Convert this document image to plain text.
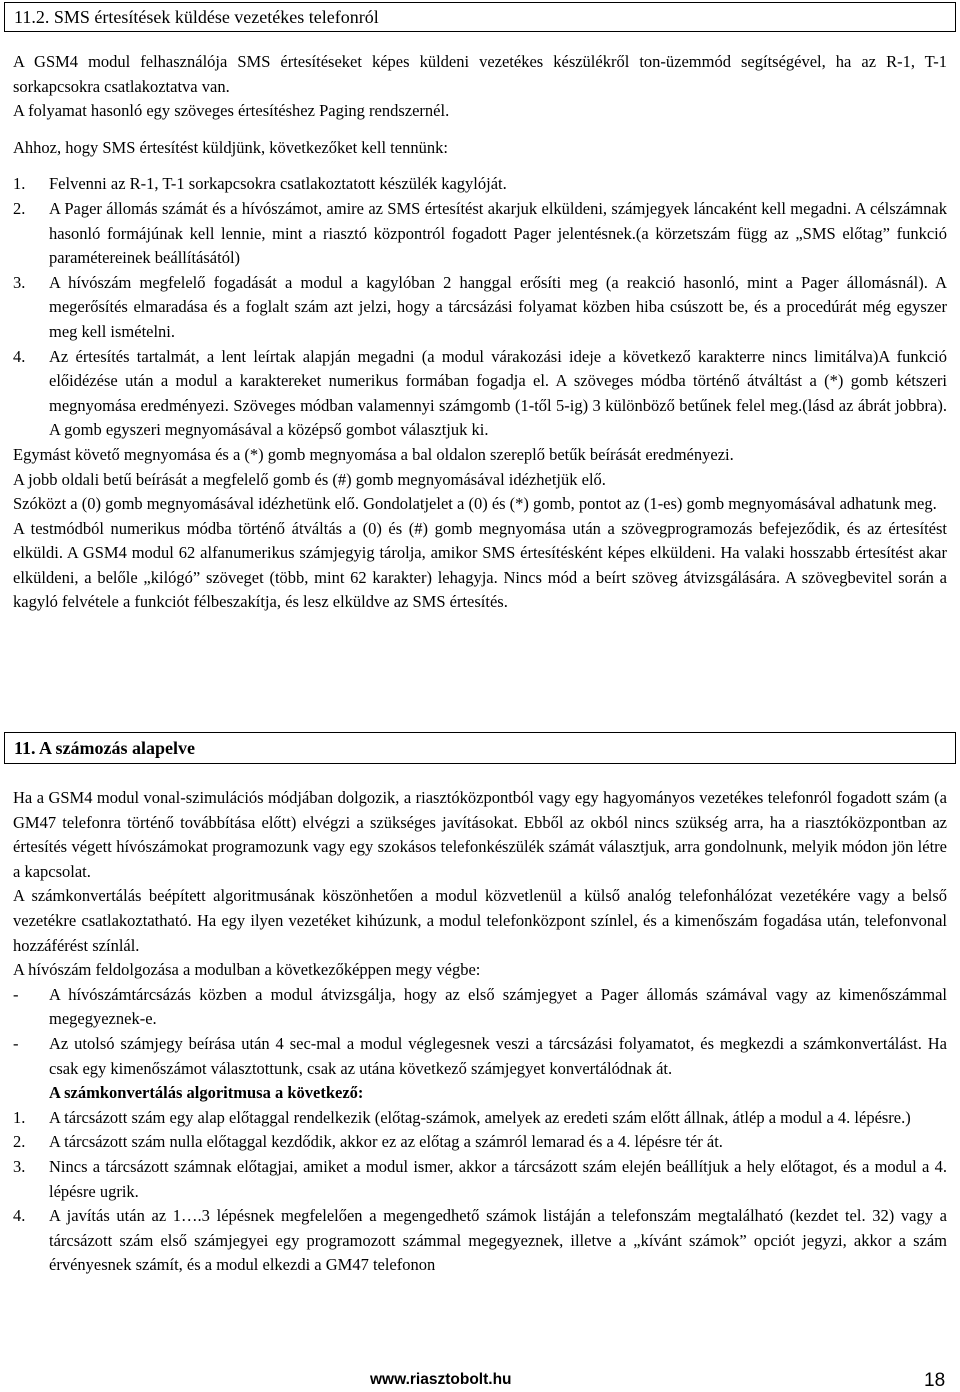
11.2. SMS értesítések küldése vezetékes telefonról

A GSM4 modul felhasználója SMS értesítéseket képes küldeni vezetékes készülékről ton-üzemmód segítségével, ha az R-1, T-1 sorkapcsokra csatlakoztatva van.

A folyamat hasonló egy szöveges értesítéshez Paging rendszernél.

Ahhoz, hogy SMS értesítést küldjünk, következőket kell tennünk:

1.	Felvenni az R-1, T-1 sorkapcsokra csatlakoztatott készülék kagylóját.
2.	A Pager állomás számát és a hívószámot, amire az SMS értesítést akarjuk elküldeni, számjegyek láncaként kell megadni. A célszámnak hasonló formájúnak kell lennie, mint a riasztó központról fogadott Pager jelentésnek.(a körzetszám függ az „SMS előtag” funkció paramétereinek beállításától)
3.	A hívószám megfelelő fogadását a modul a kagylóban 2 hanggal erősíti meg (a reakció hasonló, mint a Pager állomásnál). A megerősítés elmaradása és a foglalt szám azt jelzi, hogy a tárcsázási folyamat közben hiba csúszott be, és a procedúrát még egyszer meg kell ismételni.
4.	Az értesítés tartalmát, a lent leírtak alapján megadni (a modul várakozási ideje a következő karakterre nincs limitálva)A funkció előidézése után a modul a karaktereket numerikus formában fogadja el. A szöveges módba történő átváltást a (*) gomb kétszeri megnyomása eredményezi. Szöveges módban valamennyi számgomb (1-től 5-ig) 3 különböző betűnek felel meg.(lásd az ábrát jobbra). A gomb egyszeri megnyomásával a középső gombot választjuk ki.

Egymást követő megnyomása és a (*) gomb megnyomása a bal oldalon szereplő betűk beírását eredményezi.

A jobb oldali betű beírását a megfelelő gomb és (#) gomb megnyomásával idézhetjük elő.

Szóközt a (0) gomb megnyomásával idézhetünk elő. Gondolatjelet a (0) és (*) gomb, pontot az (1-es) gomb megnyomásával adhatunk meg.

A testmódból numerikus módba történő átváltás a (0) és (#) gomb megnyomása után a szövegprogramozás befejeződik, és az értesítést elküldi. A GSM4 modul 62 alfanumerikus számjegyig tárolja, amikor SMS értesítésként képes elküldeni. Ha valaki hosszabb értesítést akar elküldeni, a belőle „kilógó” szöveget (több, mint 62 karakter) lehagyja. Nincs mód a beírt szöveg átvizsgálására. A szövegbevitel során a kagyló felvétele a funkciót félbeszakítja, és lesz elküldve az SMS értesítés.

11. A számozás alapelve

Ha a GSM4 modul vonal-szimulációs módjában dolgozik, a riasztóközpontból vagy egy hagyományos vezetékes telefonról fogadott szám (a GM47 telefonra történő továbbítása előtt) elvégzi a szükséges javításokat. Ebből az okból nincs szükség arra, ha a riasztóközpontban az értesítés végett hívószámokat programozunk vagy egy szokásos telefonkészülék számát választjuk, arra gondolnunk, melyik módon jön létre a kapcsolat.

A számkonvertálás beépített algoritmusának köszönhetően a modul közvetlenül a külső analóg telefonhálózat vezetékére vagy a belső vezetékre csatlakoztatható. Ha egy ilyen vezetéket kihúzunk, a modul telefonközpont színlel, és a kimenőszám fogadása után, telefonvonal hozzáférést színlál.

A hívószám feldolgozása a modulban a következőképpen megy végbe:

-	A hívószámtárcsázás közben a modul átvizsgálja, hogy az első számjegyet a Pager állomás számával vagy az kimenőszámmal megegyeznek-e.
-	Az utolsó számjegy beírása után 4 sec-mal a modul véglegesnek veszi a tárcsázási folyamatot, és megkezdi a számkonvertálást. Ha csak egy kimenőszámot választottunk, csak az utána következő számjegyet konvertálódnak át.
A számkonvertálás algoritmusa a következő:
1.	A tárcsázott szám egy alap előtaggal rendelkezik (előtag-számok, amelyek az eredeti szám előtt állnak, átlép a modul a 4. lépésre.)
2.	A tárcsázott szám nulla előtaggal kezdődik, akkor ez az előtag a számról lemarad és a 4. lépésre tér át.
3.	Nincs a tárcsázott számnak előtagjai, amiket a modul ismer, akkor a tárcsázott szám elején beállítjuk a hely előtagot, és a modul a 4. lépésre ugrik.
4.	A javítás után az 1….3 lépésnek megfelelően a megengedhető számok listáján a telefonszám megtalálható (kezdet tel. 32) vagy a tárcsázott szám első számjegyei egy programozott számmal megegyeznek, illetve a „kívánt számok” opciót jegyzi, akkor a szám érvényesnek számít, és a modul elkezdi a GM47 telefonon
www.riasztobolt.hu	18
